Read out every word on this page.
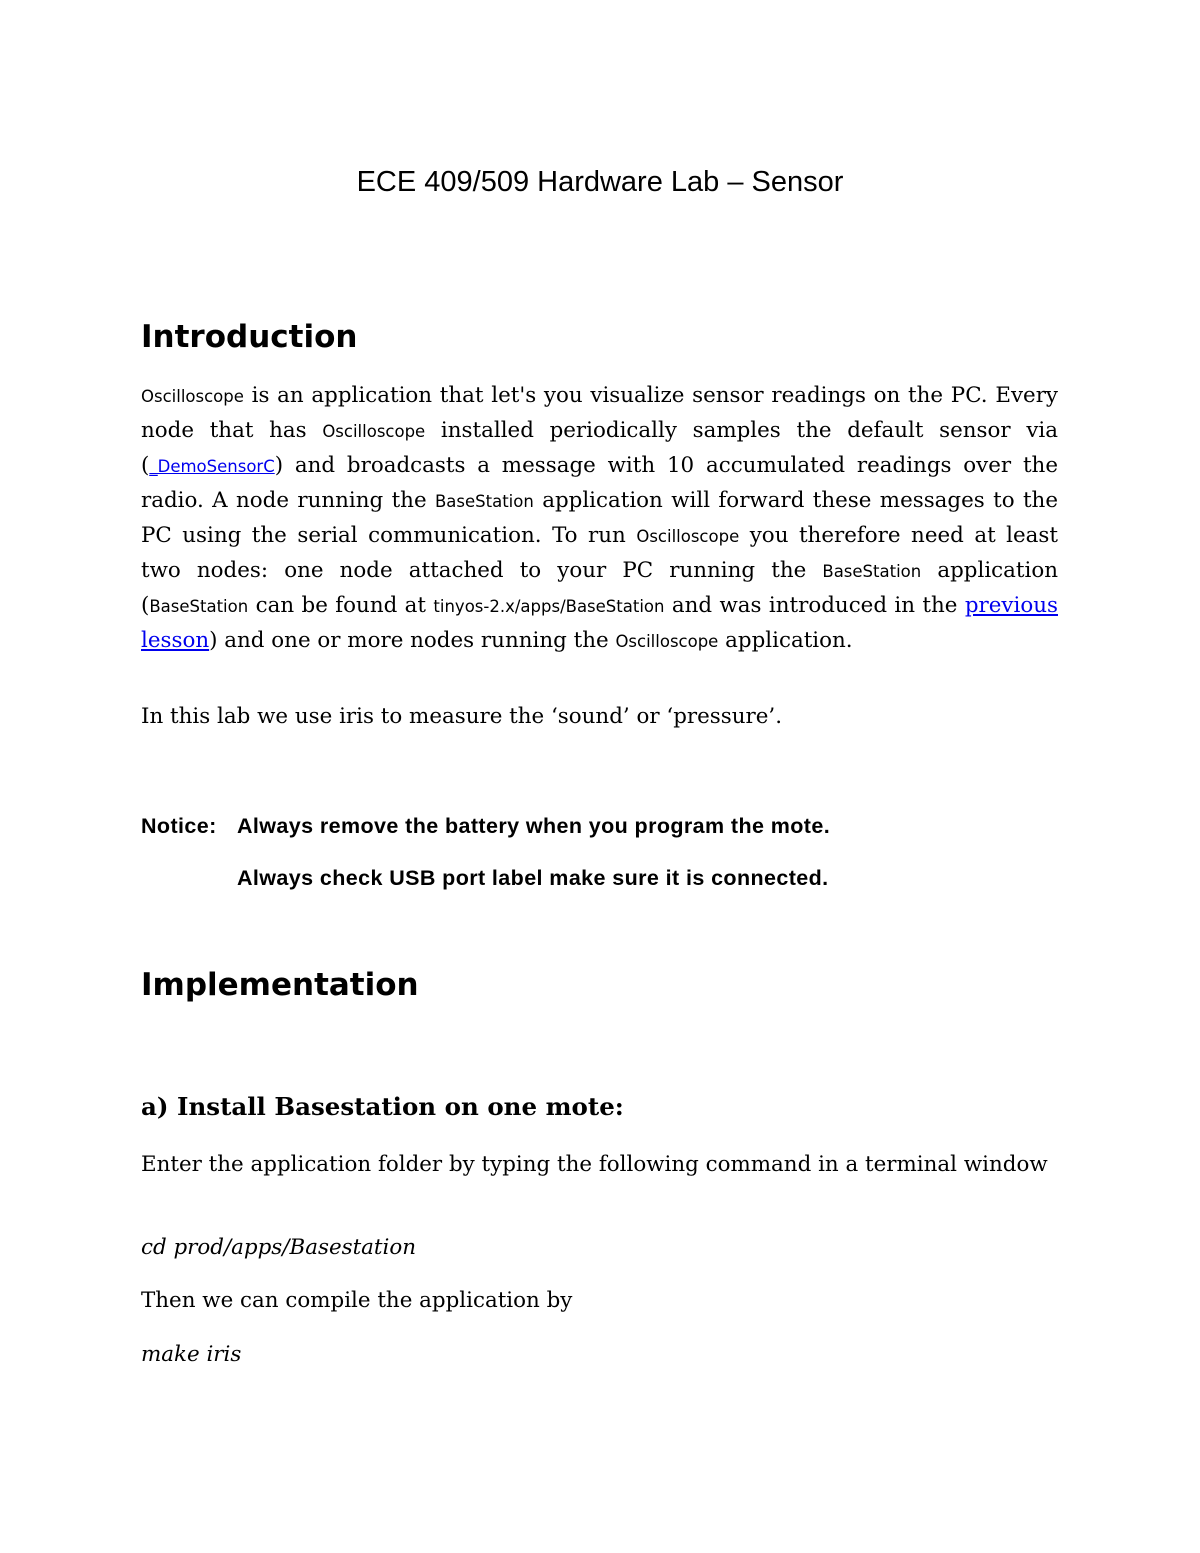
ECE 409/509 Hardware Lab – Sensor
Introduction

Oscilloscope is an application that let's you visualize sensor readings on the PC. Every node that has Oscilloscope installed periodically samples the default sensor via (_DemoSensorC) and broadcasts a message with 10 accumulated readings over the radio. A node running the BaseStation application will forward these messages to the PC using the serial communication. To run Oscilloscope you therefore need at least two nodes: one node attached to your PC running the BaseStation application (BaseStation can be found at tinyos-2.x/apps/BaseStation and was introduced in the previous lesson) and one or more nodes running the Oscilloscope application.

In this lab we use iris to measure the ‘sound’ or ‘pressure’.

Notice: Always remove the battery when you program the mote.

Always check USB port label make sure it is connected.

Implementation
a) Install Basestation on one mote:

Enter the application folder by typing the following command in a terminal window

cd prod/apps/Basestation

Then we can compile the application by

make iris
